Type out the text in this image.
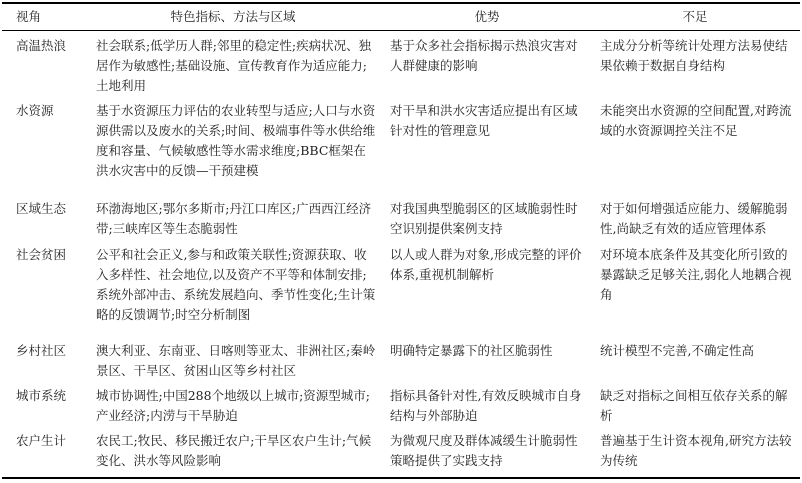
视角	特色指标、方法与区域	优势	不足
高温热浪	社会联系;低学历人群;邻里的稳定性;疾病状况、独居作为敏感性;基础设施、宣传教育作为适应能力;土地利用	基于众多社会指标揭示热浪灾害对人群健康的影响	主成分分析等统计处理方法易使结果依赖于数据自身结构
水资源	基于水资源压力评估的农业转型与适应;人口与水资源供需以及废水的关系;时间、极端事件等水供给维度和容量、气候敏感性等水需求维度;BBC框架在洪水灾害中的反馈—干预建模	对干旱和洪水灾害适应提出有区域针对性的管理意见	未能突出水资源的空间配置,对跨流域的水资源调控关注不足
区域生态	环渤海地区;鄂尔多斯市;丹江口库区;广西西江经济带;三峡库区等生态脆弱性	对我国典型脆弱区的区域脆弱性时空识别提供案例支持	对于如何增强适应能力、缓解脆弱性,尚缺乏有效的适应管理体系
社会贫困	公平和社会正义,参与和政策关联性;资源获取、收入多样性、社会地位,以及资产不平等和体制安排;系统外部冲击、系统发展趋向、季节性变化;生计策略的反馈调节;时空分析制图	以人或人群为对象,形成完整的评价体系,重视机制解析	对环境本底条件及其变化所引致的暴露缺乏足够关注,弱化人地耦合视角
乡村社区	澳大利亚、东南亚、日喀则等亚太、非洲社区;秦岭景区、干旱区、贫困山区等乡村社区	明确特定暴露下的社区脆弱性	统计模型不完善,不确定性高
城市系统	城市协调性;中国288个地级以上城市;资源型城市;产业经济;内涝与干旱胁迫	指标具备针对性,有效反映城市自身结构与外部胁迫	缺乏对指标之间相互依存关系的解析
农户生计	农民工;牧民、移民搬迁农户;干旱区农户生计;气候变化、洪水等风险影响	为微观尺度及群体减缓生计脆弱性策略提供了实践支持	普遍基于生计资本视角,研究方法较为传统
